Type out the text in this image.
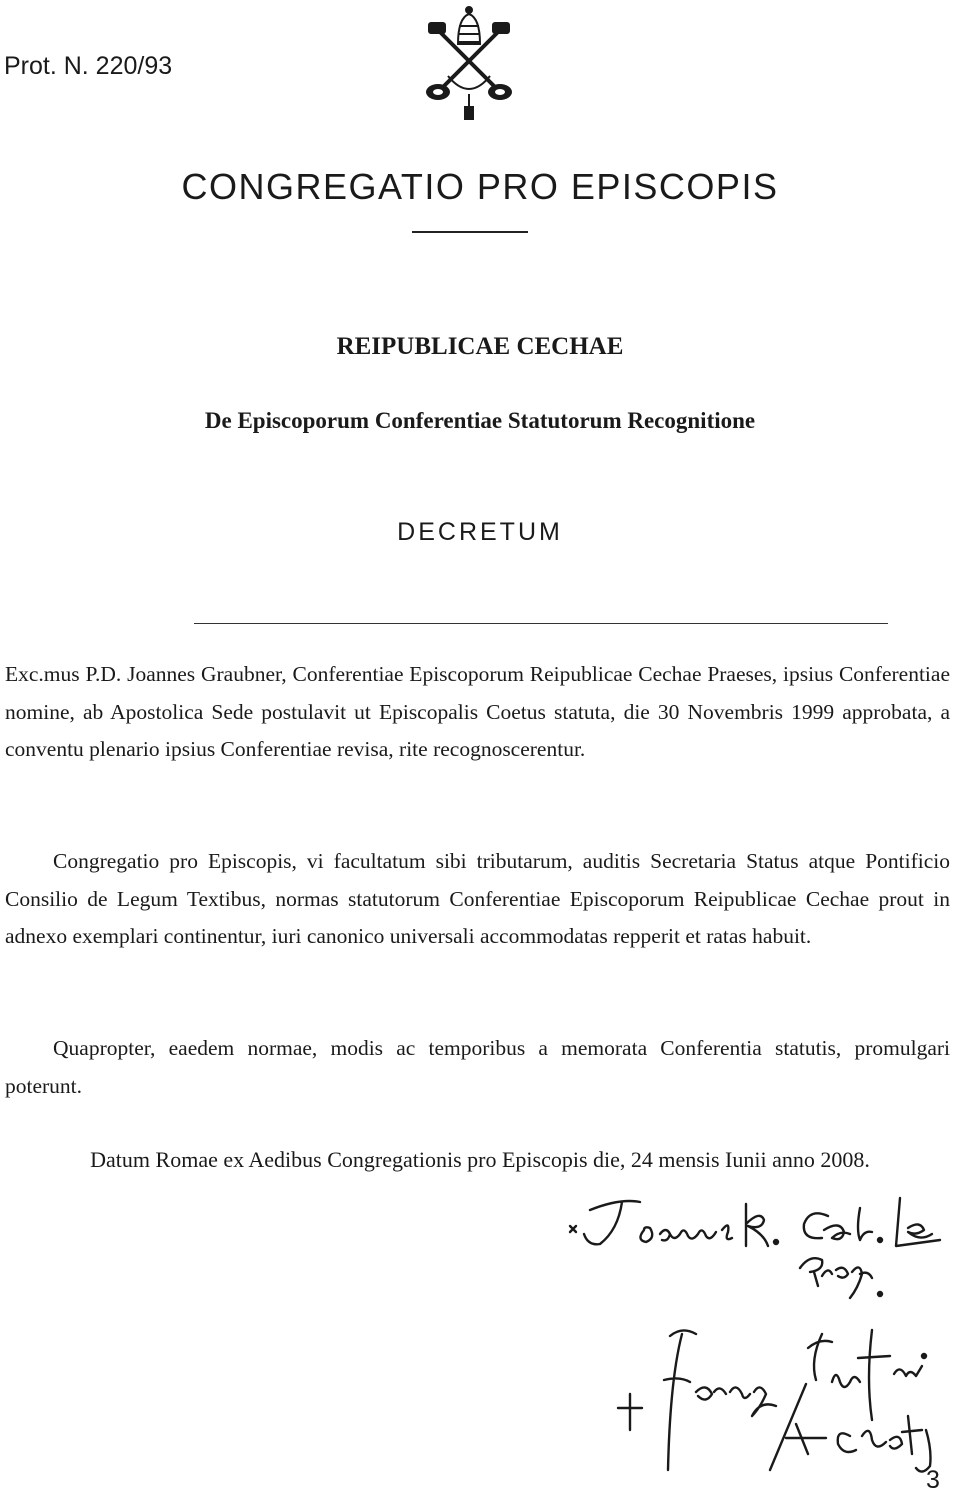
Prot. N. 220/93
CONGREGATIO PRO EPISCOPIS
REIPUBLICAE CECHAE
De Episcoporum Conferentiae Statutorum Recognitione
DECRETUM
Exc.mus P.D. Joannes Graubner, Conferentiae Episcoporum Reipublicae Cechae Praeses, ipsius Conferentiae nomine, ab Apostolica Sede postulavit ut Episcopalis Coetus statuta, die 30 Novembris 1999 approbata, a conventu plenario ipsius Conferentiae revisa, rite recognoscerentur.
Congregatio pro Episcopis, vi facultatum sibi tributarum, auditis Secretaria Status atque Pontificio Consilio de Legum Textibus, normas statutorum Conferentiae Episcoporum Reipublicae Cechae prout in adnexo exemplari continentur, iuri canonico universali accommodatas repperit et ratas habuit.
Quapropter, eaedem normae, modis ac temporibus a memorata Conferentia statutis, promulgari poterunt.
Datum Romae ex Aedibus Congregationis pro Episcopis die, 24 mensis Iunii anno 2008.
3
